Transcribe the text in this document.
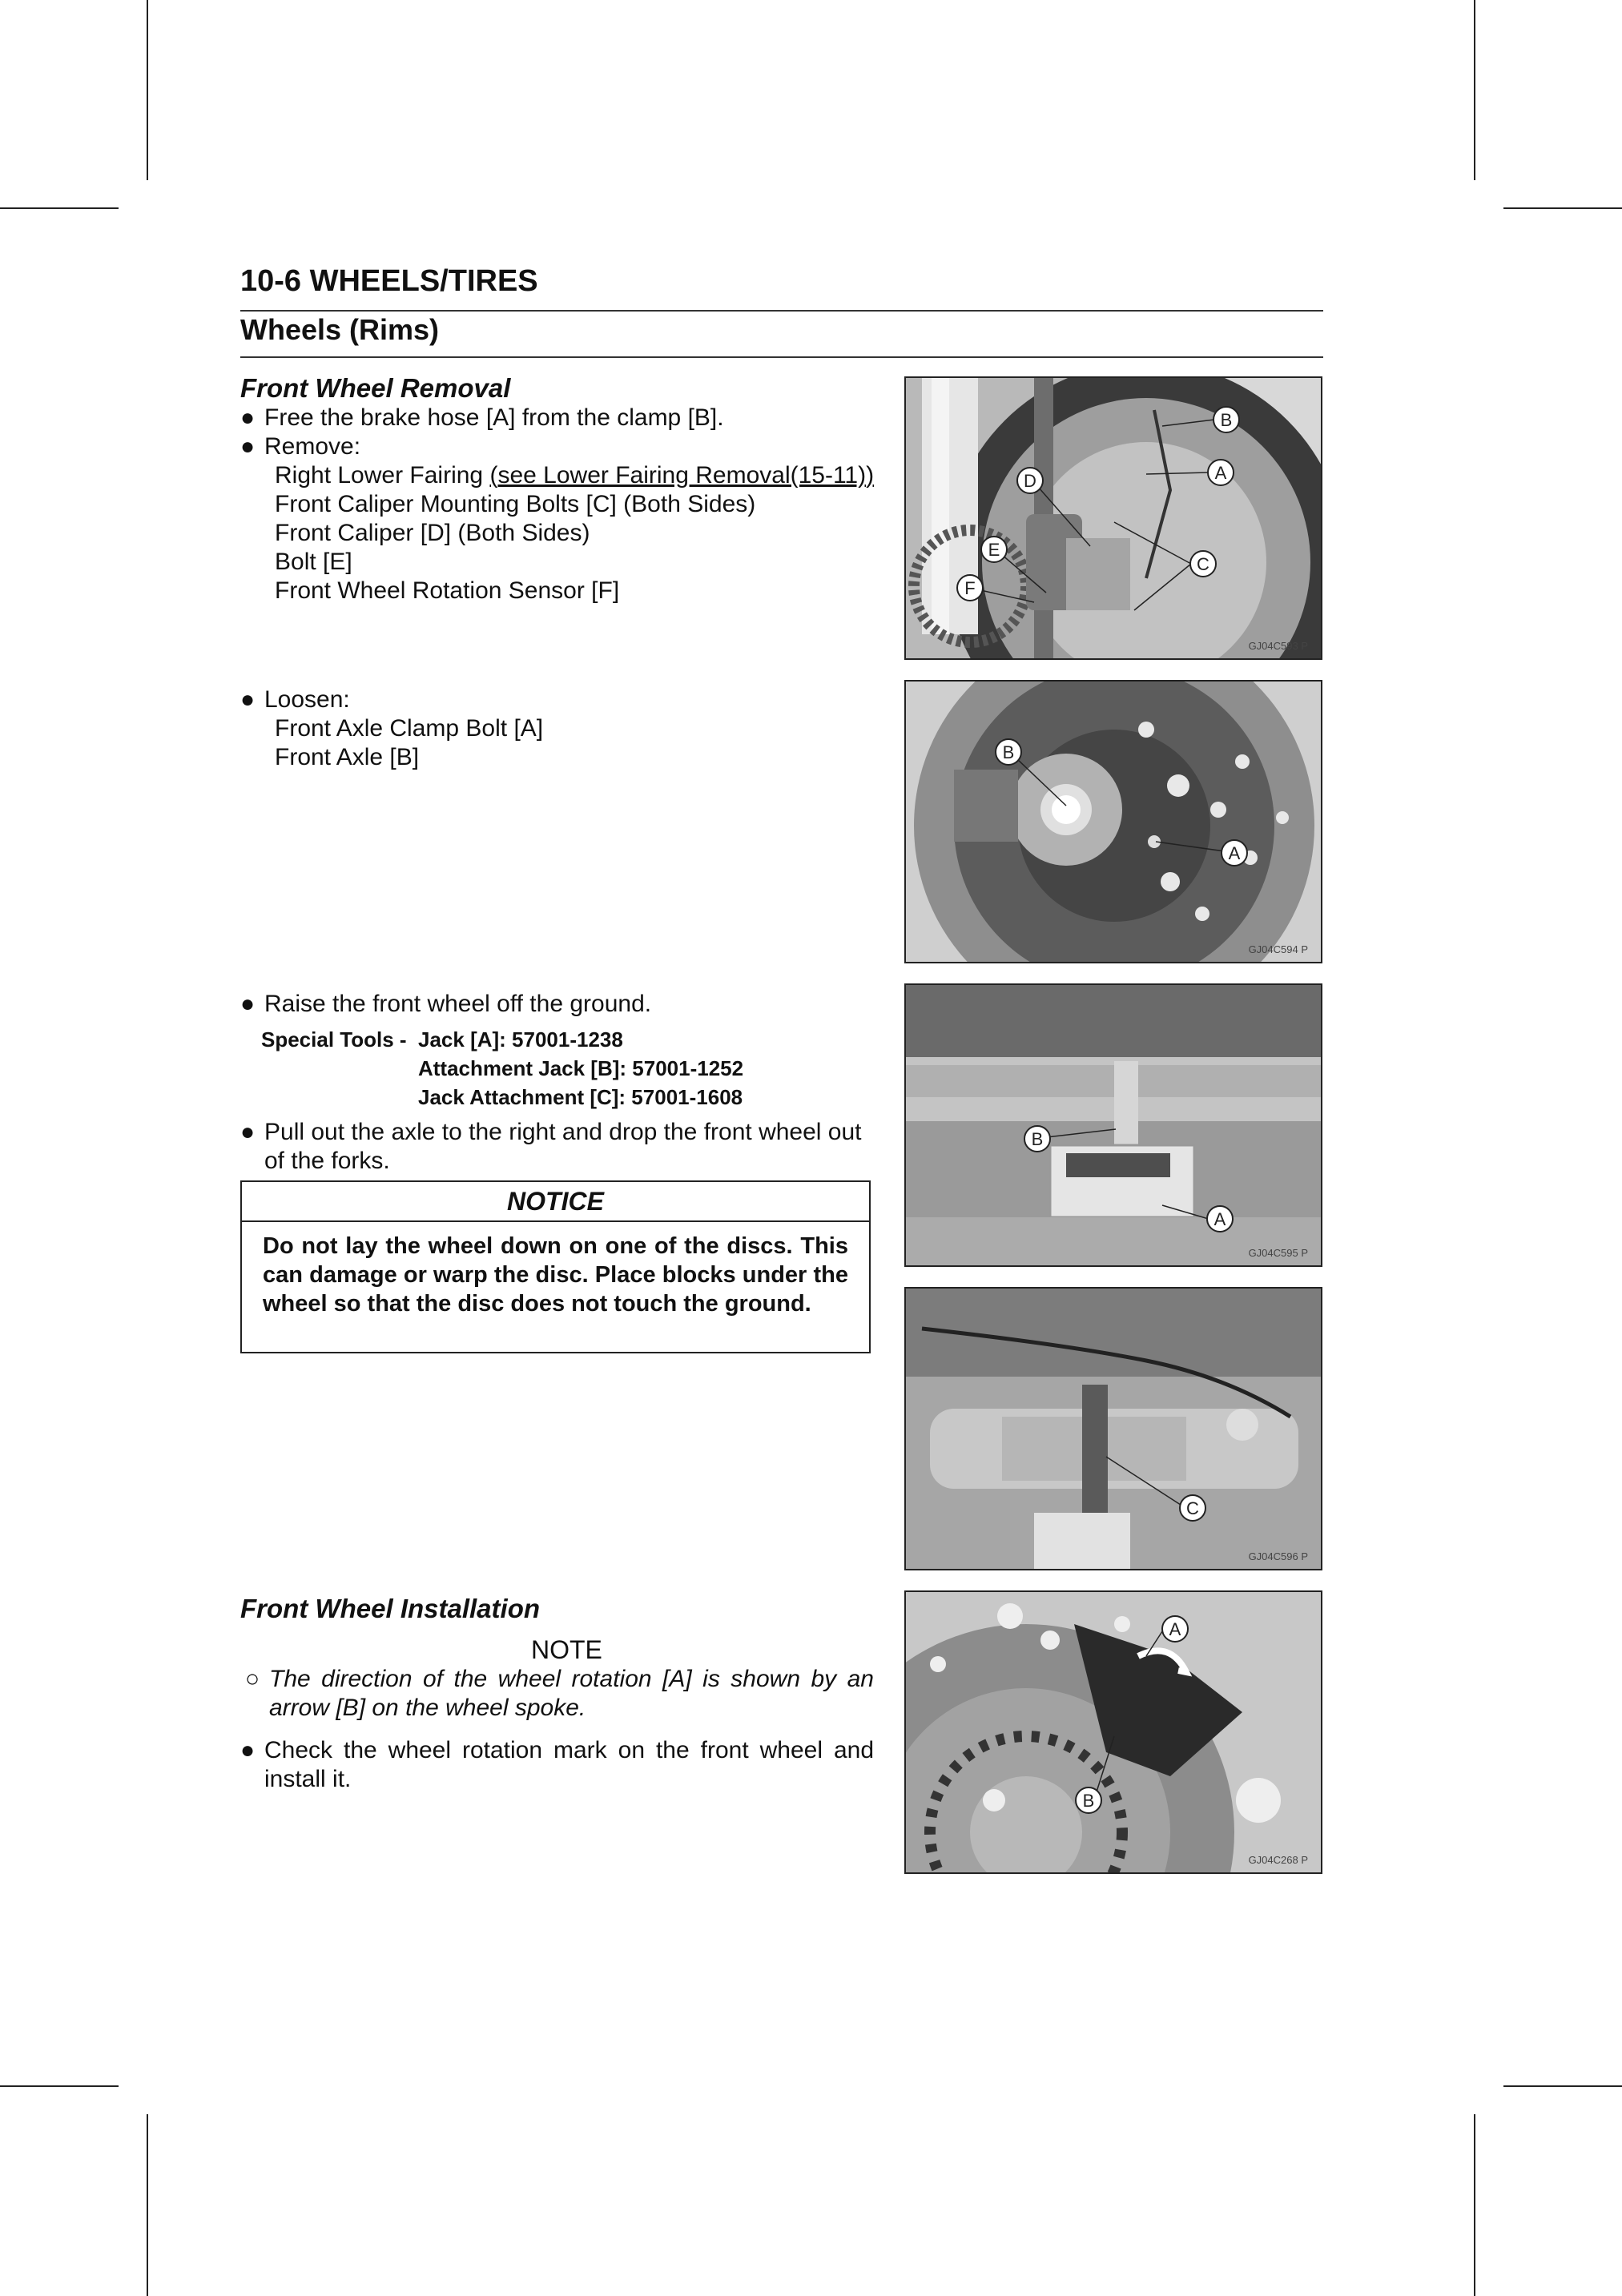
10-6 WHEELS/TIRES
Wheels (Rims)
Front Wheel Removal
● Free the brake hose [A] from the clamp [B].
● Remove:
Right Lower Fairing (see Lower Fairing Removal(15-11))
Front Caliper Mounting Bolts [C] (Both Sides)
Front Caliper [D] (Both Sides)
Bolt [E]
Front Wheel Rotation Sensor [F]
● Loosen:
Front Axle Clamp Bolt [A]
Front Axle [B]
● Raise the front wheel off the ground.
Special Tools - Jack [A]: 57001-1238
Attachment Jack [B]: 57001-1252
Jack Attachment [C]: 57001-1608
● Pull out the axle to the right and drop the front wheel out of the forks.
NOTICE
Do not lay the wheel down on one of the discs. This can damage or warp the disc. Place blocks under the wheel so that the disc does not touch the ground.
Front Wheel Installation
NOTE
○ The direction of the wheel rotation [A] is shown by an arrow [B] on the wheel spoke.
● Check the wheel rotation mark on the front wheel and install it.
B
A
C
D
E
F
GJ04C593 P
B
A
GJ04C594 P
B
A
GJ04C595 P
C
GJ04C596 P
A
B
GJ04C268 P
